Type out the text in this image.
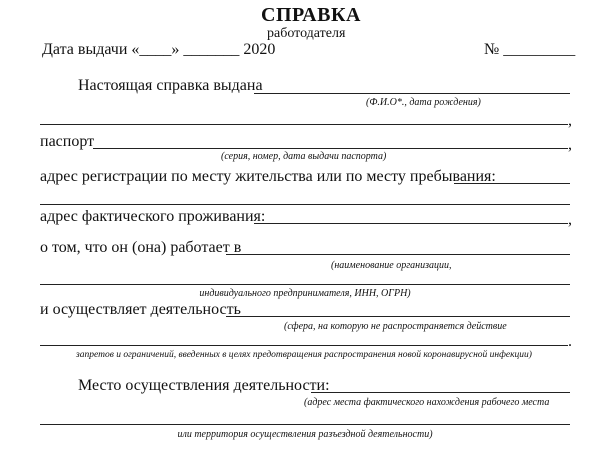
СПРАВКА
работодателя
Дата выдачи «____» _______ 2020	№ _________
Настоящая справка выдана
(Ф.И.О*., дата рождения)
,
паспорт	,
(серия, номер, дата выдачи паспорта)
адрес регистрации по месту жительства или по месту пребывания:
адрес фактического проживания:	,
о том, что он (она) работает в
(наименование организации,
индивидуального предпринимателя, ИНН, ОГРН)
и осуществляет деятельность
(сфера, на которую не распространяется действие
.
запретов и ограничений, введенных в целях предотвращения распространения новой коронавирусной инфекции)
Место осуществления деятельности:
(адрес места фактического нахождения рабочего места
или территория осуществления разъездной деятельности)
